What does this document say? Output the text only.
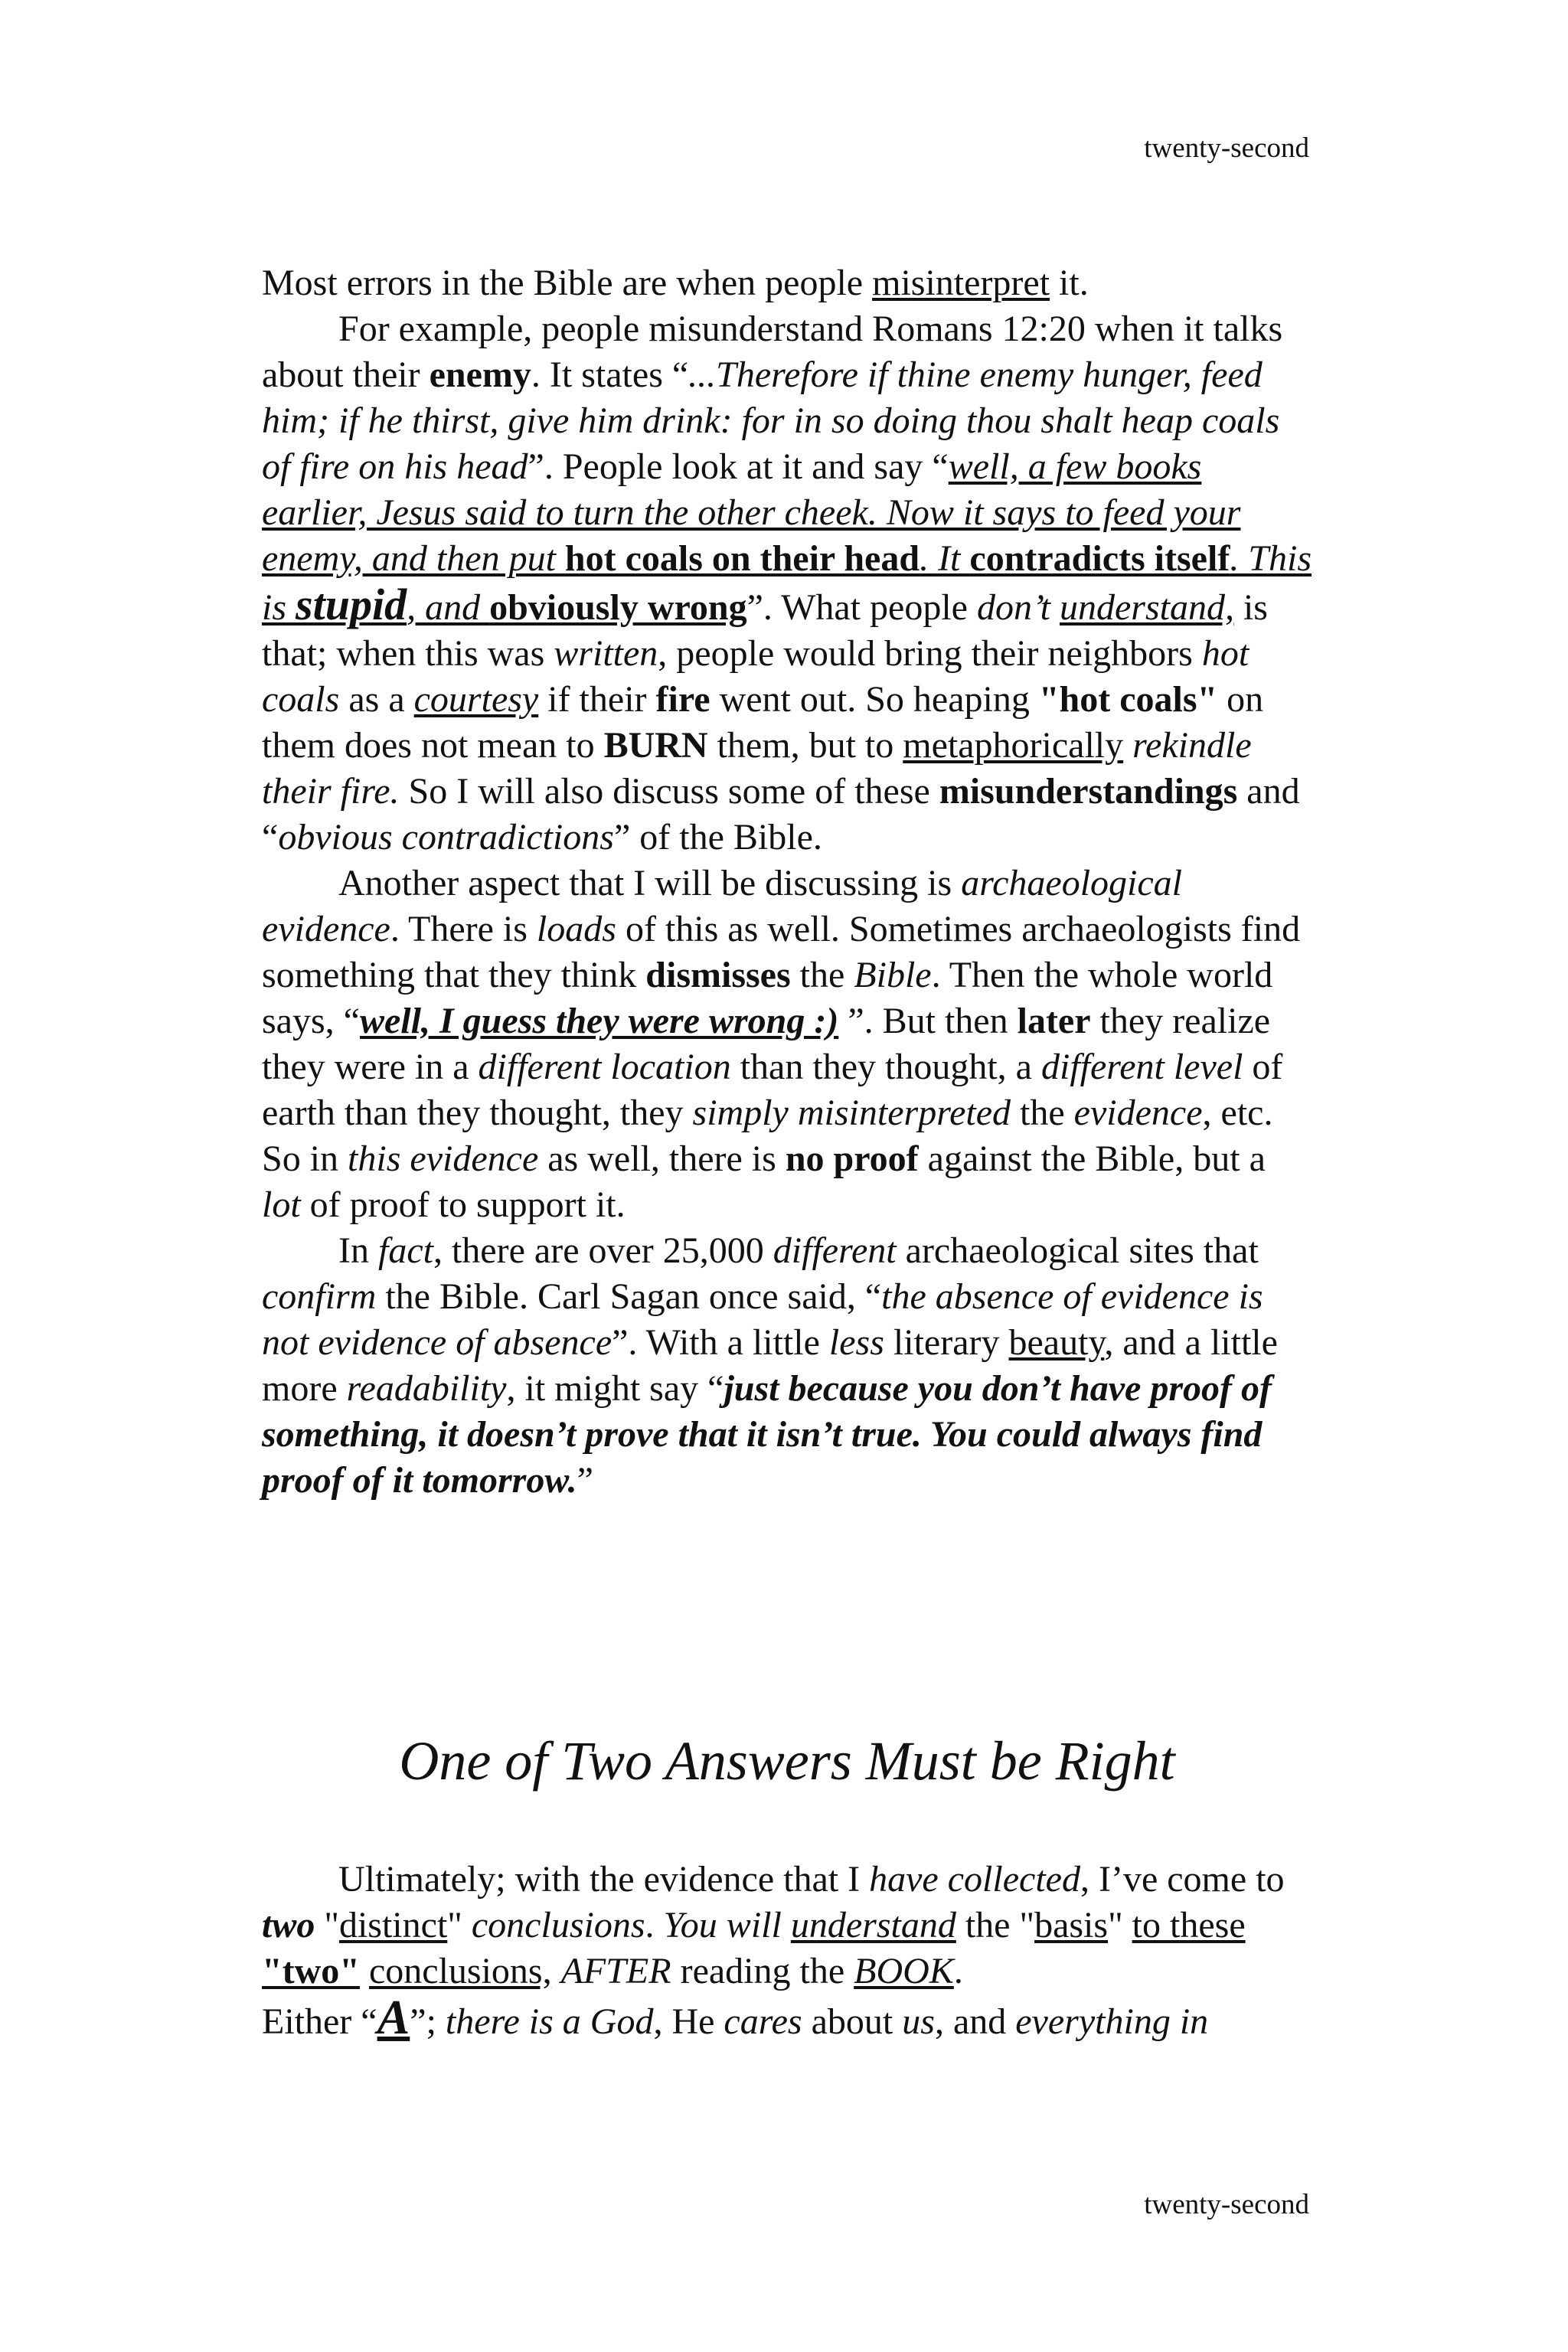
twenty-second

Most errors in the Bible are when people misinterpret it.

For example, people misunderstand Romans 12:20 when it talks about their enemy. It states “...Therefore if thine enemy hunger, feed him; if he thirst, give him drink: for in so doing thou shalt heap coals of fire on his head”. People look at it and say “well, a few books earlier, Jesus said to turn the other cheek. Now it says to feed your enemy, and then put hot coals on their head. It contradicts itself. This is stupid, and obviously wrong”. What people don’t understand, is that; when this was written, people would bring their neighbors hot coals as a courtesy if their fire went out. So heaping "hot coals" on them does not mean to BURN them, but to metaphorically rekindle their fire. So I will also discuss some of these misunderstandings and “obvious contradictions” of the Bible.

Another aspect that I will be discussing is archaeological evidence. There is loads of this as well. Sometimes archaeologists find something that they think dismisses the Bible. Then the whole world says, “well, I guess they were wrong :) ”. But then later they realize they were in a different location than they thought, a different level of earth than they thought, they simply misinterpreted the evidence, etc. So in this evidence as well, there is no proof against the Bible, but a lot of proof to support it.

In fact, there are over 25,000 different archaeological sites that confirm the Bible. Carl Sagan once said, “the absence of evidence is not evidence of absence”. With a little less literary beauty, and a little more readability, it might say “just because you don’t have proof of something, it doesn’t prove that it isn’t true. You could always find proof of it tomorrow.”

One of Two Answers Must be Right

Ultimately; with the evidence that I have collected, I’ve come to two "distinct" conclusions. You will understand the "basis" to these "two" conclusions, AFTER reading the BOOK.
Either “A”; there is a God, He cares about us, and everything in

twenty-second
